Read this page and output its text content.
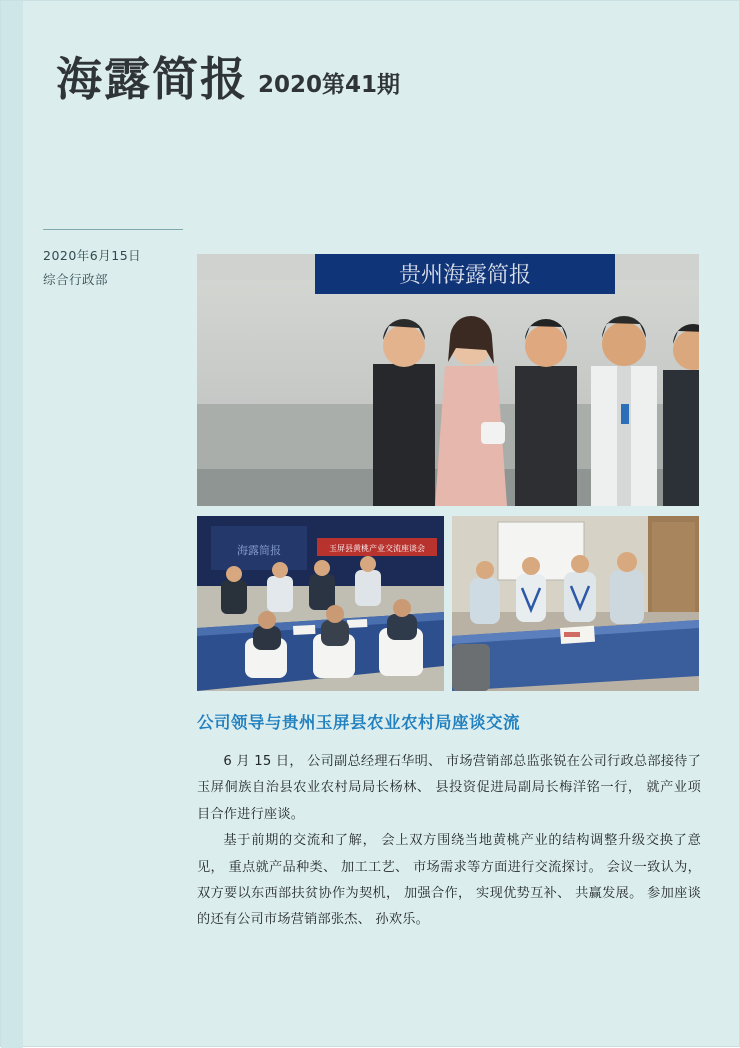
海露简报 2020第41期
2020年6月15日
综合行政部	贵州海露简报
海露简报	玉屏县黄桃产业交流座谈会
公司领导与贵州玉屏县农业农村局座谈交流

6 月 15 日， 公司副总经理石华明、 市场营销部总监张锐在公司行政总部接待了玉屏侗族自治县农业农村局局长杨林、 县投资促进局副局长梅洋铭一行， 就产业项目合作进行座谈。

基于前期的交流和了解， 会上双方围绕当地黄桃产业的结构调整升级交换了意见， 重点就产品种类、 加工工艺、 市场需求等方面进行交流探讨。 会议一致认为， 双方要以东西部扶贫协作为契机， 加强合作， 实现优势互补、 共赢发展。 参加座谈的还有公司市场营销部张杰、 孙欢乐。
